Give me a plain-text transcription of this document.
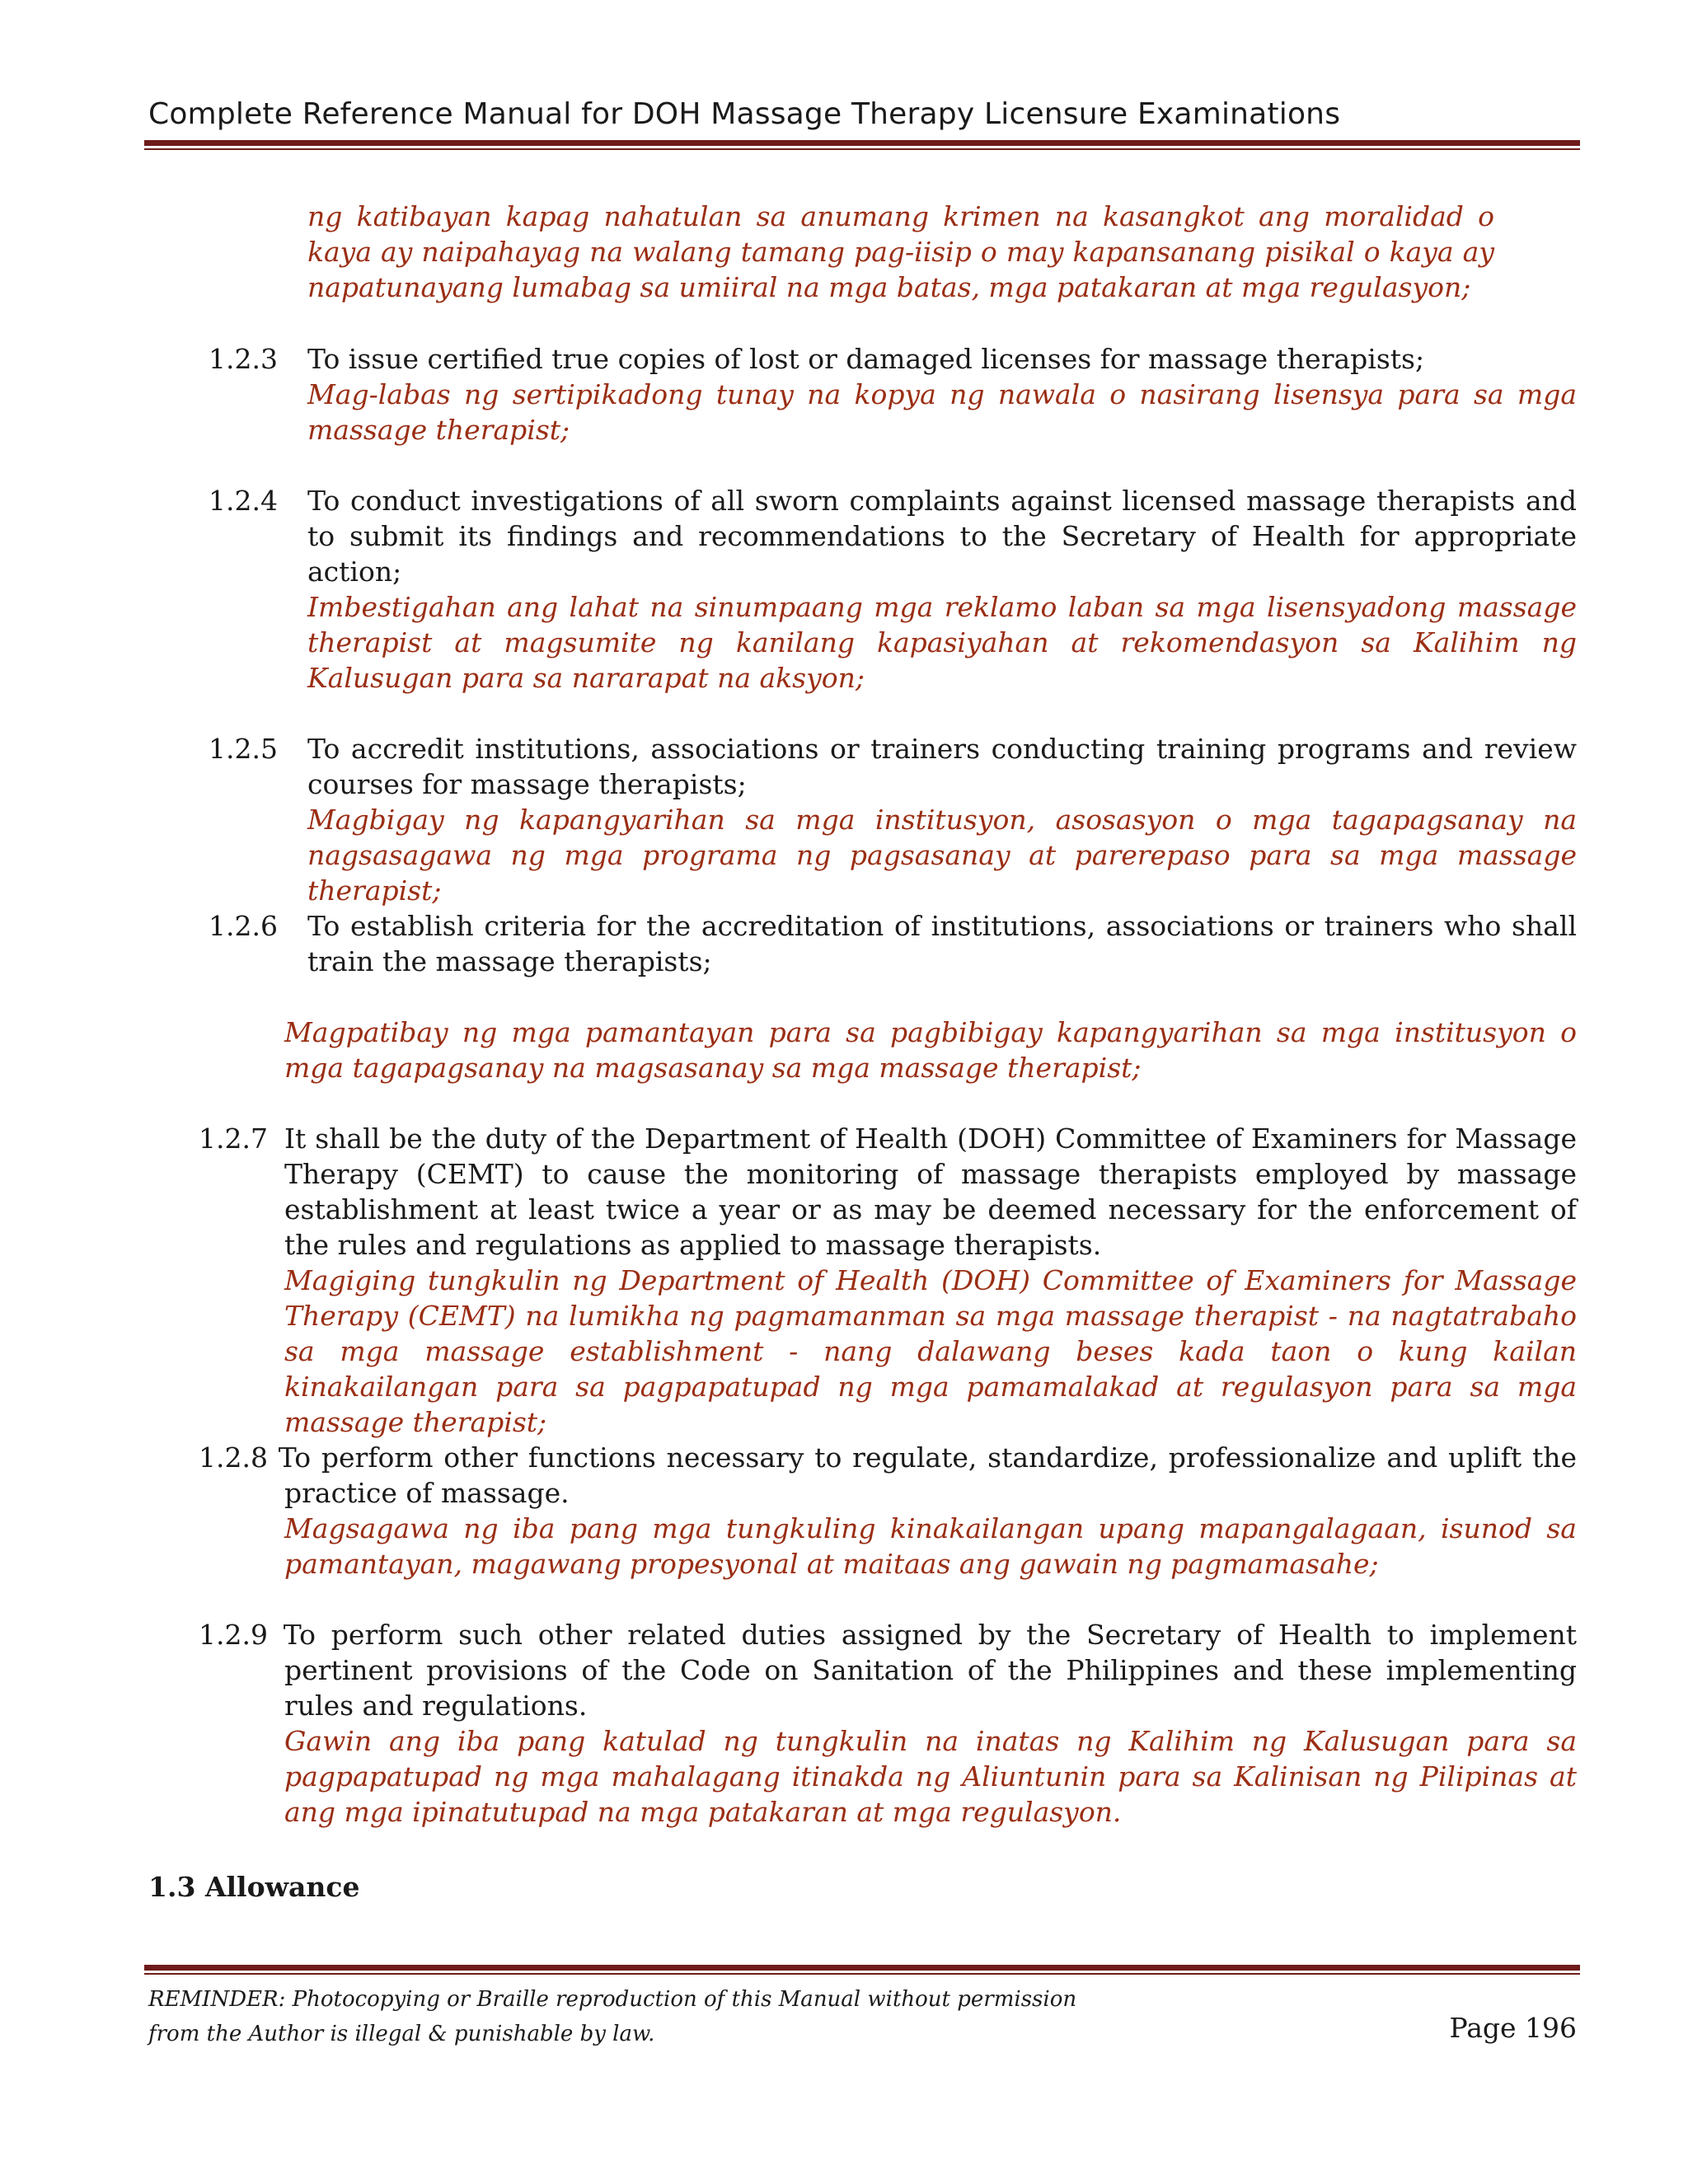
Complete Reference Manual for DOH Massage Therapy Licensure Examinations
ng katibayan kapag nahatulan sa anumang krimen na kasangkot ang moralidad o kaya ay naipahayag na walang tamang pag-iisip o may kapansanang pisikal o kaya ay napatunayang lumabag sa umiiral na mga batas, mga patakaran at mga regulasyon;
1.2.3 To issue certified true copies of lost or damaged licenses for massage therapists;
Mag-labas ng sertipikadong tunay na kopya ng nawala o nasirang lisensya para sa mga massage therapist;
1.2.4 To conduct investigations of all sworn complaints against licensed massage therapists and to submit its findings and recommendations to the Secretary of Health for appropriate action;
Imbestigahan ang lahat na sinumpaang mga reklamo laban sa mga lisensyadong massage therapist at magsumite ng kanilang kapasiyahan at rekomendasyon sa Kalihim ng Kalusugan para sa nararapat na aksyon;
1.2.5 To accredit institutions, associations or trainers conducting training programs and review courses for massage therapists;
Magbigay ng kapangyarihan sa mga institusyon, asosasyon o mga tagapagsanay na nagsasagawa ng mga programa ng pagsasanay at parerepaso para sa mga massage therapist;
1.2.6 To establish criteria for the accreditation of institutions, associations or trainers who shall train the massage therapists;
Magpatibay ng mga pamantayan para sa pagbibigay kapangyarihan sa mga institusyon o mga tagapagsanay na magsasanay sa mga massage therapist;
1.2.7 It shall be the duty of the Department of Health (DOH) Committee of Examiners for Massage Therapy (CEMT) to cause the monitoring of massage therapists employed by massage establishment at least twice a year or as may be deemed necessary for the enforcement of the rules and regulations as applied to massage therapists.
Magiging tungkulin ng Department of Health (DOH) Committee of Examiners for Massage Therapy (CEMT) na lumikha ng pagmamanman sa mga massage therapist - na nagtatrabaho sa mga massage establishment - nang dalawang beses kada taon o kung kailan kinakailangan para sa pagpapatupad ng mga pamamalakad at regulasyon para sa mga massage therapist;
1.2.8 To perform other functions necessary to regulate, standardize, professionalize and uplift the practice of massage.
Magsagawa ng iba pang mga tungkuling kinakailangan upang mapangalagaan, isunod sa pamantayan, magawang propesyonal at maitaas ang gawain ng pagmamasahe;
1.2.9 To perform such other related duties assigned by the Secretary of Health to implement pertinent provisions of the Code on Sanitation of the Philippines and these implementing rules and regulations.
Gawin ang iba pang katulad ng tungkulin na inatas ng Kalihim ng Kalusugan para sa pagpapatupad ng mga mahalagang itinakda ng Aliuntunin para sa Kalinisan ng Pilipinas at ang mga ipinatutupad na mga patakaran at mga regulasyon.
1.3 Allowance
REMINDER: Photocopying or Braille reproduction of this Manual without permission
from the Author is illegal & punishable by law.	Page 196
